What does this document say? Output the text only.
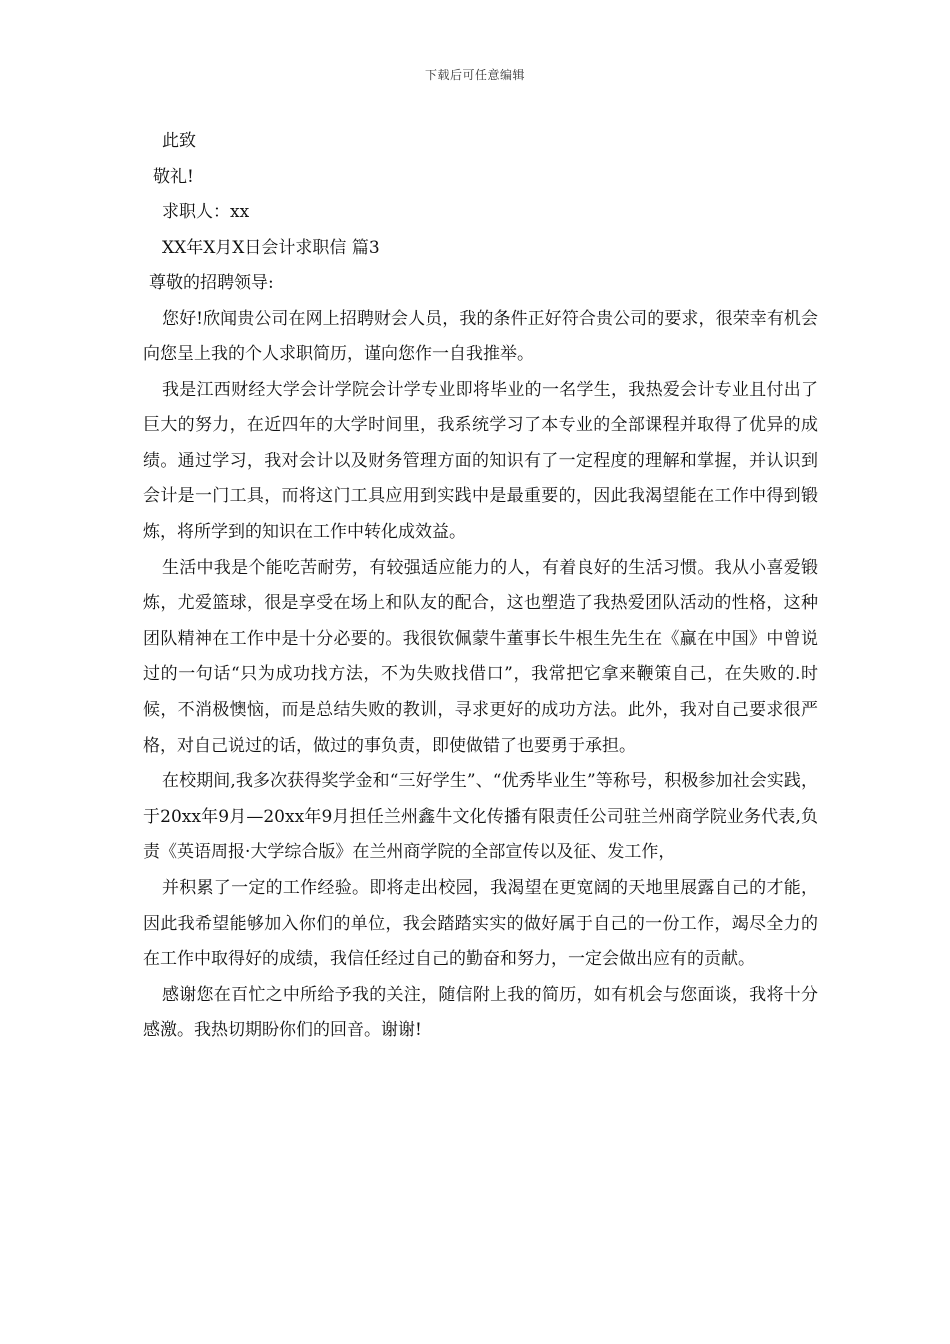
下载后可任意编辑
此致
敬礼!
求职人：xx
XX年X月X日会计求职信 篇3
尊敬的招聘领导:

您好!欣闻贵公司在网上招聘财会人员，我的条件正好符合贵公司的要求，很荣幸有机会向您呈上我的个人求职简历，谨向您作一自我推举。

我是江西财经大学会计学院会计学专业即将毕业的一名学生，我热爱会计专业且付出了巨大的努力，在近四年的大学时间里，我系统学习了本专业的全部课程并取得了优异的成绩。通过学习，我对会计以及财务管理方面的知识有了一定程度的理解和掌握，并认识到会计是一门工具，而将这门工具应用到实践中是最重要的，因此我渴望能在工作中得到锻炼，将所学到的知识在工作中转化成效益。

生活中我是个能吃苦耐劳，有较强适应能力的人，有着良好的生活习惯。我从小喜爱锻炼，尤爱篮球，很是享受在场上和队友的配合，这也塑造了我热爱团队活动的性格，这种团队精神在工作中是十分必要的。我很钦佩蒙牛董事长牛根生先生在《赢在中国》中曾说过的一句话“只为成功找方法，不为失败找借口”，我常把它拿来鞭策自己，在失败的.时候，不消极懊恼，而是总结失败的教训，寻求更好的成功方法。此外，我对自己要求很严格，对自己说过的话，做过的事负责，即使做错了也要勇于承担。

在校期间,我多次获得奖学金和“三好学生”、“优秀毕业生”等称号，积极参加社会实践，于20xx年9月—20xx年9月担任兰州鑫牛文化传播有限责任公司驻兰州商学院业务代表,负责《英语周报·大学综合版》在兰州商学院的全部宣传以及征、发工作，

并积累了一定的工作经验。即将走出校园，我渴望在更宽阔的天地里展露自己的才能，因此我希望能够加入你们的单位，我会踏踏实实的做好属于自己的一份工作，竭尽全力的在工作中取得好的成绩，我信任经过自己的勤奋和努力，一定会做出应有的贡献。

感谢您在百忙之中所给予我的关注，随信附上我的简历，如有机会与您面谈，我将十分感激。我热切期盼你们的回音。谢谢!
